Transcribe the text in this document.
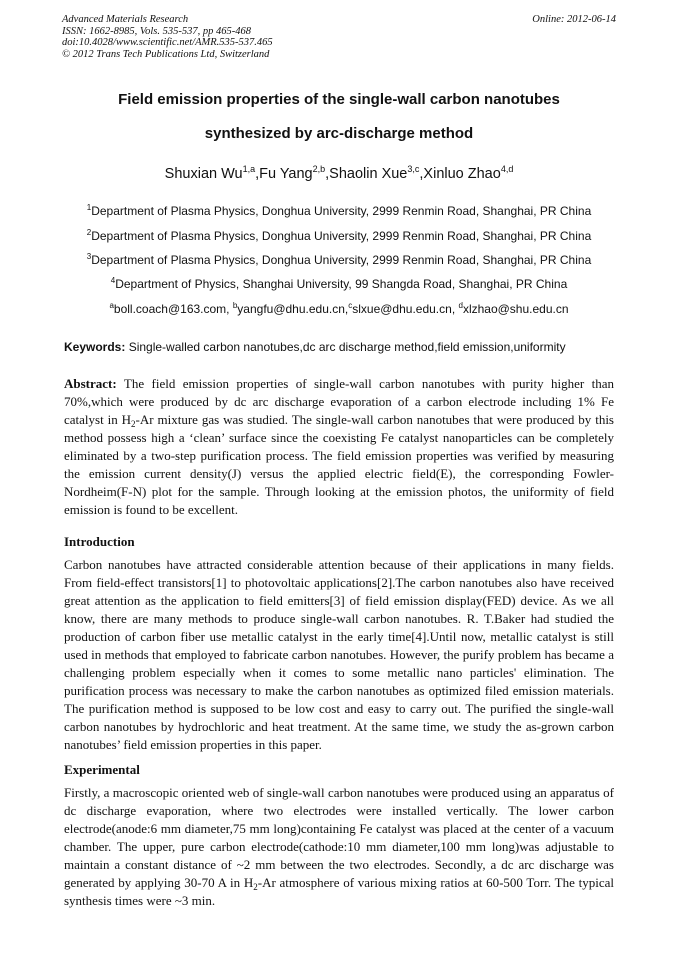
Advanced Materials Research
ISSN: 1662-8985, Vols. 535-537, pp 465-468
doi:10.4028/www.scientific.net/AMR.535-537.465
© 2012 Trans Tech Publications Ltd, Switzerland
Online: 2012-06-14
Field emission properties of the single-wall carbon nanotubes
synthesized by arc-discharge method
Shuxian Wu$^{1,a}$,Fu Yang$^{2,b}$,Shaolin Xue$^{3,c}$,Xinluo Zhao$^{4,d}$
$^1$Department of Plasma Physics, Donghua University, 2999 Renmin Road, Shanghai, PR China
$^2$Department of Plasma Physics, Donghua University, 2999 Renmin Road, Shanghai, PR China
$^3$Department of Plasma Physics, Donghua University, 2999 Renmin Road, Shanghai, PR China
$^4$Department of Physics, Shanghai University, 99 Shangda Road, Shanghai, PR China
$^a$boll.coach@163.com, $^b$yangfu@dhu.edu.cn,$^c$slxue@dhu.edu.cn, $^d$xlzhao@shu.edu.cn
Keywords: Single-walled carbon nanotubes,dc arc discharge method,field emission,uniformity
Abstract: The field emission properties of single-wall carbon nanotubes with purity higher than 70%,which were produced by dc arc discharge evaporation of a carbon electrode including 1% Fe catalyst in $H_2-Ar$ mixture gas was studied. The single-wall carbon nanotubes that were produced by this method possess high a ‘clean’ surface since the coexisting Fe catalyst nanoparticles can be completely eliminated by a two-step purification process. The field emission properties was verified by measuring the emission current density(J) versus the applied electric field(E), the corresponding Fowler-Nordheim(F-N) plot for the sample. Through looking at the emission photos, the uniformity of field emission is found to be excellent.
Introduction
Carbon nanotubes have attracted considerable attention because of their applications in many fields. From field-effect transistors[1] to photovoltaic applications[2].The carbon nanotubes also have received great attention as the application to field emitters[3] of field emission display(FED) device. As we all know, there are many methods to produce single-wall carbon nanotubes. R. T.Baker had studied the production of carbon fiber use metallic catalyst in the early time[4].Until now, metallic catalyst is still used in methods that employed to fabricate carbon nanotubes. However, the purify problem has became a challenging problem especially when it comes to some metallic nano particles' elimination. The purification process was necessary to make the carbon nanotubes as optimized filed emission materials. The purification method is supposed to be low cost and easy to carry out. The purified the single-wall carbon nanotubes by hydrochloric and heat treatment. At the same time, we study the as-grown carbon nanotubes’ field emission properties in this paper.
Experimental
Firstly, a macroscopic oriented web of single-wall carbon nanotubes were produced using an apparatus of dc discharge evaporation, where two electrodes were installed vertically. The lower carbon electrode(anode:6 mm diameter,75 mm long)containing Fe catalyst was placed at the center of a vacuum chamber. The upper, pure carbon electrode(cathode:10 mm diameter,100 mm long)was adjustable to maintain a constant distance of ~2 mm between the two electrodes. Secondly, a dc arc discharge was generated by applying 30-70 A in $H_2-Ar$ atmosphere of various mixing ratios at 60-500 Torr. The typical synthesis times were ~3 min.
